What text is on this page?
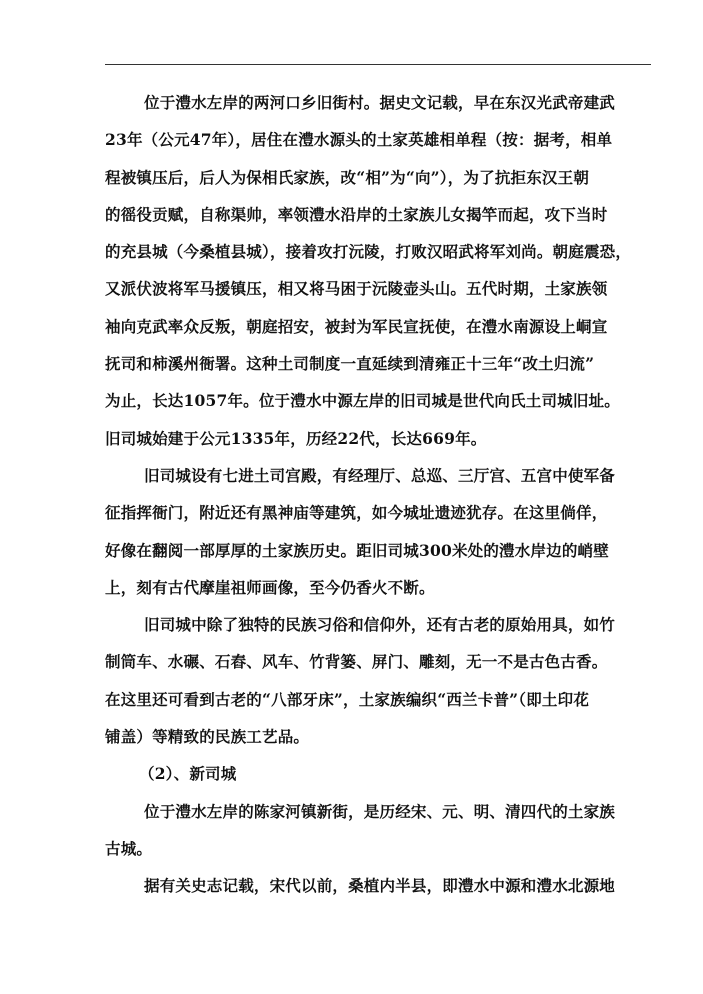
位于澧水左岸的两河口乡旧街村。据史文记载，早在东汉光武帝建武
23年（公元47年），居住在澧水源头的土家英雄相单程（按：据考，相单
程被镇压后，后人为保相氏家族，改“相”为“向”），为了抗拒东汉王朝
的徭役贡赋，自称渠帅，率领澧水沿岸的土家族儿女揭竿而起，攻下当时
的充县城（今桑植县城），接着攻打沅陵，打败汉昭武将军刘尚。朝庭震恐，
又派伏波将军马援镇压，相又将马困于沅陵壶头山。五代时期，土家族领
袖向克武率众反叛，朝庭招安，被封为军民宣抚使，在澧水南源设上峒宣
抚司和柿溪州衙署。这种土司制度一直延续到清雍正十三年“改土归流”
为止，长达1057年。位于澧水中源左岸的旧司城是世代向氏土司城旧址。
旧司城始建于公元1335年，历经22代，长达669年。
旧司城设有七进土司宫殿，有经理厅、总巡、三厅宫、五宫中使军备
征指挥衙门，附近还有黑神庙等建筑，如今城址遗迹犹存。在这里倘佯，
好像在翻阅一部厚厚的土家族历史。距旧司城300米处的澧水岸边的峭壁
上，刻有古代摩崖祖师画像，至今仍香火不断。
旧司城中除了独特的民族习俗和信仰外，还有古老的原始用具，如竹
制筒车、水碾、石舂、风车、竹背篓、屏门、雕刻，无一不是古色古香。
在这里还可看到古老的“八部牙床”，土家族编织“西兰卡普”（即土印花
铺盖）等精致的民族工艺品。
（2）、新司城
位于澧水左岸的陈家河镇新街，是历经宋、元、明、清四代的土家族
古城。
据有关史志记载，宋代以前，桑植内半县，即澧水中源和澧水北源地
